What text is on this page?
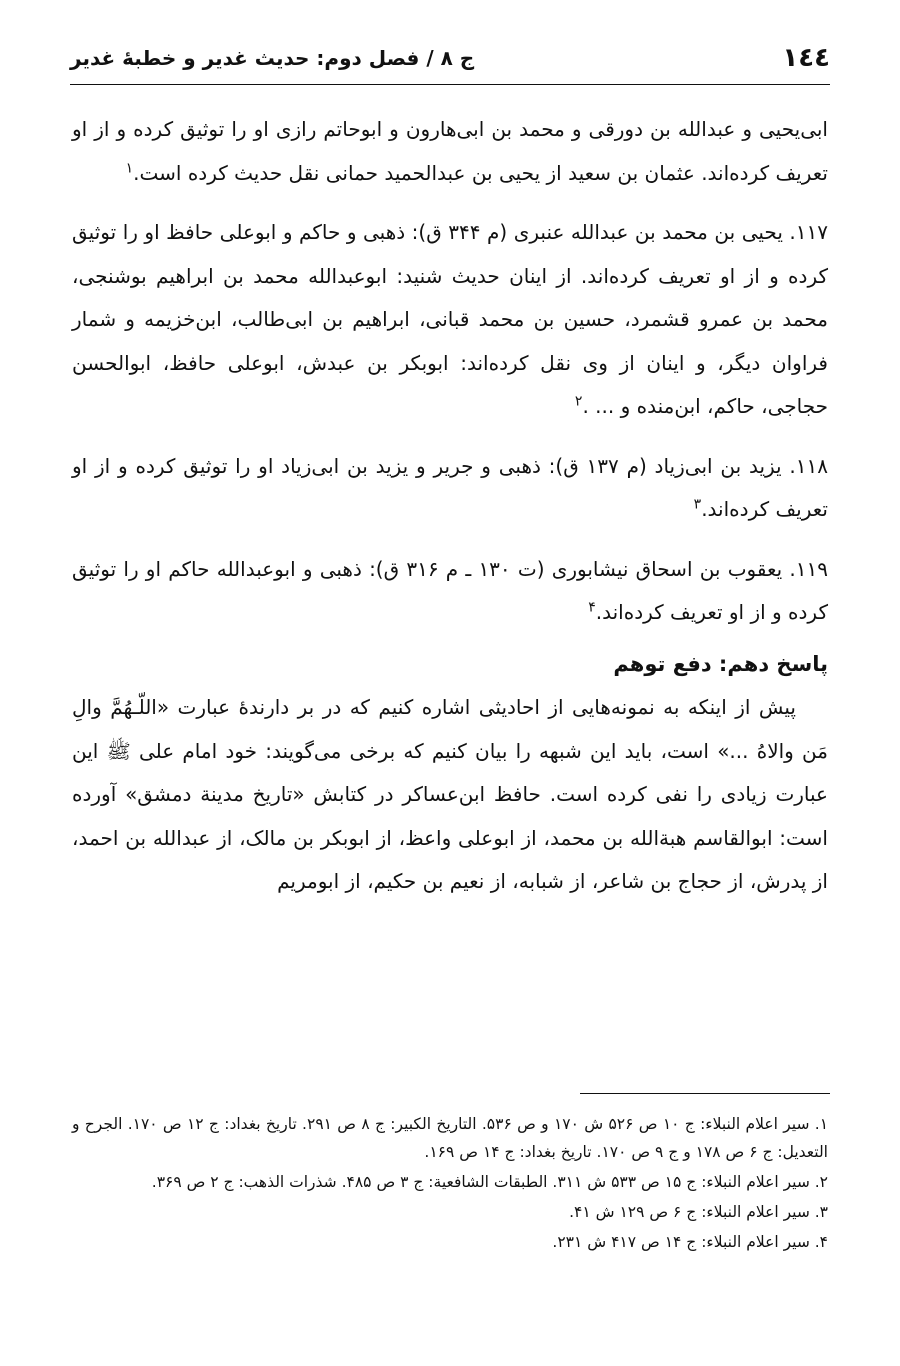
١٤٤
ج ۸ / فصل دوم: حدیث غدیر و خطبهٔ غدیر

ابی‌یحیی و عبدالله بن دورقی و محمد بن ابی‌هارون و ابوحاتم رازی او را توثیق کرده و از او تعریف کرده‌اند. عثمان بن سعید از یحیی بن عبدالحمید حمانی نقل حدیث کرده است.$^۱$

۱۱۷. یحیی بن محمد بن عبدالله عنبری (م ۳۴۴ ق): ذهبی و حاکم و ابوعلی حافظ او را توثیق کرده و از او تعریف کرده‌اند. از اینان حدیث شنید: ابوعبدالله محمد بن ابراهیم بوشنجی، محمد بن عمرو قشمرد، حسین بن محمد قبانی، ابراهیم بن ابی‌طالب، ابن‌خزیمه و شمار فراوان دیگر، و اینان از وی نقل کرده‌اند: ابوبکر بن عبدش، ابوعلی حافظ، ابوالحسن حجاجی، حاکم، ابن‌منده و ... .$^۲$

۱۱۸. یزید بن ابی‌زیاد (م ۱۳۷ ق): ذهبی و جریر و یزید بن ابی‌زیاد او را توثیق کرده و از او تعریف کرده‌اند.$^۳$

۱۱۹. یعقوب بن اسحاق نیشابوری (ت ۱۳۰ ـ م ۳۱۶ ق): ذهبی و ابوعبدالله حاکم او را توثیق کرده و از او تعریف کرده‌اند.$^۴$

پاسخ دهم: دفع توهم

پیش از اینکه به نمونه‌هایی از احادیثی اشاره کنیم که در بر دارندهٔ عبارت «اللّـهُمَّ والِ مَن والاهُ ...» است، باید این شبهه را بیان کنیم که برخی می‌گویند: خود امام علی ﷺ این عبارت زیادی را نفی کرده است. حافظ ابن‌عساکر در کتابش «تاریخ مدینة دمشق» آورده است: ابوالقاسم هبة‌الله بن محمد، از ابوعلی واعظ، از ابوبکر بن مالک، از عبدالله بن احمد، از پدرش، از حجاج بن شاعر، از شبابه، از نعیم بن حکیم، از ابومریم

۱. سیر اعلام النبلاء: ج ۱۰ ص ۵۲۶ ش ۱۷۰ و ص ۵۳۶. التاریخ الکبیر: ج ۸ ص ۲۹۱. تاریخ بغداد: ج ۱۲ ص ۱۷۰. الجرح و التعدیل: ج ۶ ص ۱۷۸ و ج ۹ ص ۱۷۰. تاریخ بغداد: ج ۱۴ ص ۱۶۹.

۲. سیر اعلام النبلاء: ج ۱۵ ص ۵۳۳ ش ۳۱۱. الطبقات الشافعیة: ج ۳ ص ۴۸۵. شذرات الذهب: ج ۲ ص ۳۶۹.

۳. سیر اعلام النبلاء: ج ۶ ص ۱۲۹ ش ۴۱.

۴. سیر اعلام النبلاء: ج ۱۴ ص ۴۱۷ ش ۲۳۱.
